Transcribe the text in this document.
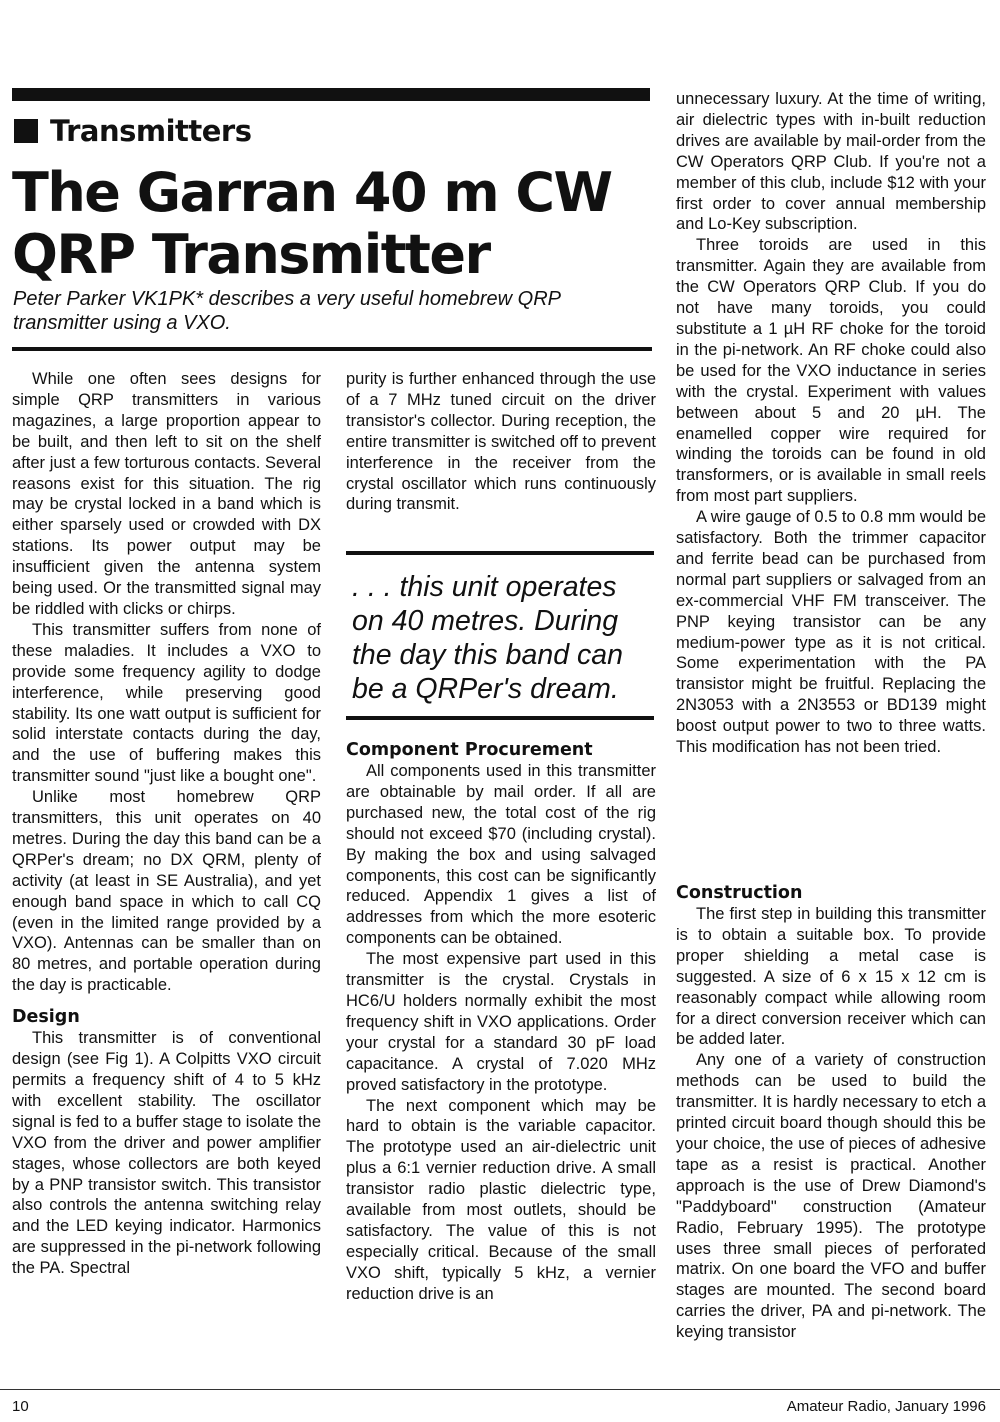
Transmitters
The Garran 40 m CW QRP Transmitter
Peter Parker VK1PK* describes a very useful homebrew QRP transmitter using a VXO.

While one often sees designs for simple QRP transmitters in various magazines, a large proportion appear to be built, and then left to sit on the shelf after just a few torturous contacts. Several reasons exist for this situation. The rig may be crystal locked in a band which is either sparsely used or crowded with DX stations. Its power output may be insufficient given the antenna system being used. Or the transmitted signal may be riddled with clicks or chirps.

This transmitter suffers from none of these maladies. It includes a VXO to provide some frequency agility to dodge interference, while preserving good stability. Its one watt output is sufficient for solid interstate contacts during the day, and the use of buffering makes this transmitter sound "just like a bought one".

Unlike most homebrew QRP transmitters, this unit operates on 40 metres. During the day this band can be a QRPer's dream; no DX QRM, plenty of activity (at least in SE Australia), and yet enough band space in which to call CQ (even in the limited range provided by a VXO). Antennas can be smaller than on 80 metres, and portable operation during the day is practicable.

Design

This transmitter is of conventional design (see Fig 1). A Colpitts VXO circuit permits a frequency shift of 4 to 5 kHz with excellent stability. The oscillator signal is fed to a buffer stage to isolate the VXO from the driver and power amplifier stages, whose collectors are both keyed by a PNP transistor switch. This transistor also controls the antenna switching relay and the LED keying indicator. Harmonics are suppressed in the pi-network following the PA. Spectral

purity is further enhanced through the use of a 7 MHz tuned circuit on the driver transistor's collector. During reception, the entire transmitter is switched off to prevent interference in the receiver from the crystal oscillator which runs continuously during transmit.

. . . this unit operates on 40 metres. During the day this band can be a QRPer's dream.
Component Procurement

All components used in this transmitter are obtainable by mail order. If all are purchased new, the total cost of the rig should not exceed $70 (including crystal). By making the box and using salvaged components, this cost can be significantly reduced. Appendix 1 gives a list of addresses from which the more esoteric components can be obtained.

The most expensive part used in this transmitter is the crystal. Crystals in HC6/U holders normally exhibit the most frequency shift in VXO applications. Order your crystal for a standard 30 pF load capacitance. A crystal of 7.020 MHz proved satisfactory in the prototype.

The next component which may be hard to obtain is the variable capacitor. The prototype used an air-dielectric unit plus a 6:1 vernier reduction drive. A small transistor radio plastic dielectric type, available from most outlets, should be satisfactory. The value of this is not especially critical. Because of the small VXO shift, typically 5 kHz, a vernier reduction drive is an

unnecessary luxury. At the time of writing, air dielectric types with in-built reduction drives are available by mail-order from the CW Operators QRP Club. If you're not a member of this club, include $12 with your first order to cover annual membership and Lo-Key subscription.

Three toroids are used in this transmitter. Again they are available from the CW Operators QRP Club. If you do not have many toroids, you could substitute a 1 µH RF choke for the toroid in the pi-network. An RF choke could also be used for the VXO inductance in series with the crystal. Experiment with values between about 5 and 20 µH. The enamelled copper wire required for winding the toroids can be found in old transformers, or is available in small reels from most part suppliers.

A wire gauge of 0.5 to 0.8 mm would be satisfactory. Both the trimmer capacitor and ferrite bead can be purchased from normal part suppliers or salvaged from an ex-commercial VHF FM transceiver. The PNP keying transistor can be any medium-power type as it is not critical. Some experimentation with the PA transistor might be fruitful. Replacing the 2N3053 with a 2N3553 or BD139 might boost output power to two to three watts. This modification has not been tried.

Construction

The first step in building this transmitter is to obtain a suitable box. To provide proper shielding a metal case is suggested. A size of 6 x 15 x 12 cm is reasonably compact while allowing room for a direct conversion receiver which can be added later.

Any one of a variety of construction methods can be used to build the transmitter. It is hardly necessary to etch a printed circuit board though should this be your choice, the use of pieces of adhesive tape as a resist is practical. Another approach is the use of Drew Diamond's "Paddyboard" construction (Amateur Radio, February 1995). The prototype uses three small pieces of perforated matrix. On one board the VFO and buffer stages are mounted. The second board carries the driver, PA and pi-network. The keying transistor

10	Amateur Radio, January 1996
